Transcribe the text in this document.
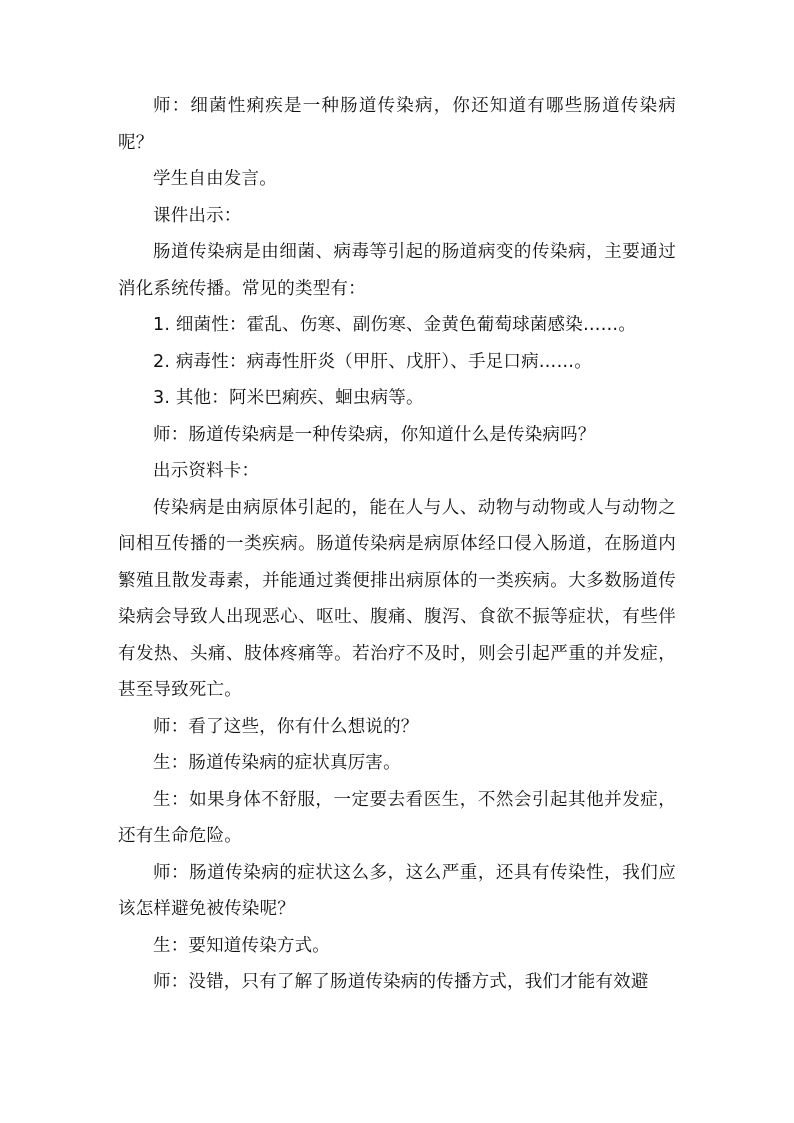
师：细菌性痢疾是一种肠道传染病，你还知道有哪些肠道传染病呢？

学生自由发言。

课件出示：

肠道传染病是由细菌、病毒等引起的肠道病变的传染病，主要通过消化系统传播。常见的类型有：

1. 细菌性：霍乱、伤寒、副伤寒、金黄色葡萄球菌感染……。

2. 病毒性：病毒性肝炎（甲肝、戊肝）、手足口病……。

3. 其他：阿米巴痢疾、蛔虫病等。

师：肠道传染病是一种传染病，你知道什么是传染病吗？

出示资料卡：

传染病是由病原体引起的，能在人与人、动物与动物或人与动物之间相互传播的一类疾病。肠道传染病是病原体经口侵入肠道，在肠道内繁殖且散发毒素，并能通过粪便排出病原体的一类疾病。大多数肠道传染病会导致人出现恶心、呕吐、腹痛、腹泻、食欲不振等症状，有些伴有发热、头痛、肢体疼痛等。若治疗不及时，则会引起严重的并发症，甚至导致死亡。

师：看了这些，你有什么想说的？

生：肠道传染病的症状真厉害。

生：如果身体不舒服，一定要去看医生，不然会引起其他并发症，还有生命危险。

师：肠道传染病的症状这么多，这么严重，还具有传染性，我们应该怎样避免被传染呢？

生：要知道传染方式。

师：没错，只有了解了肠道传染病的传播方式，我们才能有效避
